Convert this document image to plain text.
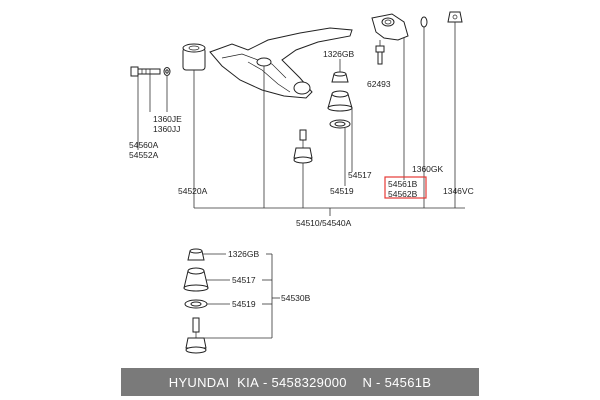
1326GB
62493
1360JE
1360JJ
54560A
54552A
54520A
54517
54519
1360GK
54561B
54562B	1346VC
54510/54540A
1326GB
54517
54519
54530B
HYUNDAI  KIA - 5458329000 N - 54561B
